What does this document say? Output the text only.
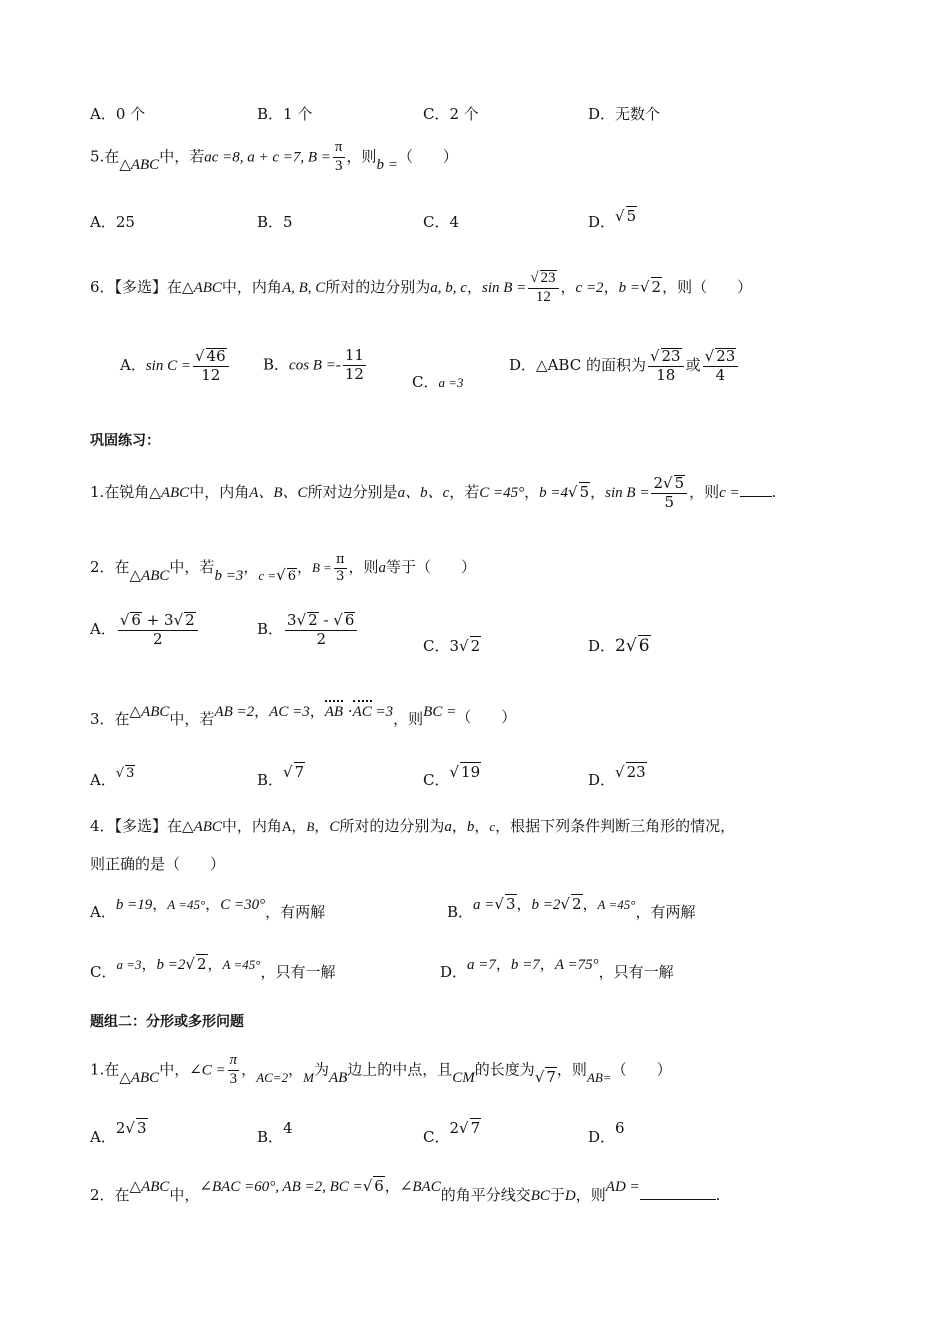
A．0 个	B．1 个	C．2 个	D．无数个
5.在△ABC中，若ac =8, a + c =7, $B = \frac{\pi}{3}$ ，则b =（　　）
A．25	B．5	C．4	D．√ 5
6．【多选】在△ABC中，内角A, B, C所对的边分别为a, b, c，$\sin B = \frac{√ 23}{12}$ ，c =2，b =√ 2，则（　　）
A．$\sin C = \frac{√ 46}{12}$ B．$\cos B =- \frac{11}{12}$	C．a =3
D．△ABC 的面积为 $\frac{√ 23}{18}$ 或 $\frac{√ 23}{4}$
巩固练习：
1.在锐角△ABC中，内角A、B、C所对边分别是a、b、c，若C =45°，b =4√ 5，$\sin B = \frac{2√ 5}{5}$ ，则c = .
2．在△ABC中，若b =3，c =√ 6，$B = \frac{\pi}{3}$ ，则a等于（　　）
A． $\frac{√ 6 + 3√ 2}{2}$	B． $\frac{3√ 2 - √ 6}{2}$	C．3√ 2	D．2√ 6
3．在△ABC中，若AB =2，AC =3，AB ·AC =3，则BC =（　　）
A．√ 3	B．√ 7	C．√ 19	D．√ 23
4．【多选】在△ABC中，内角A，B，C所对的边分别为a，b，c，根据下列条件判断三角形的情况，
则正确的是（　　）
A．b =19，A =45°，C =30°，有两解	B．a =√ 3，b =2√ 2，A =45°，有两解
C．a =3，b =2√ 2，A =45°，只有一解	D．a =7，b =7，A =75°，只有一解
题组二：分形或多形问题
1.在△ABC中，∠C = $\frac{\pi}{3}$ ，AC=2，M为AB边上的中点，且CM的长度为√ 7，则AB=（　　）
A．2√ 3	B．4	C．2√ 7	D．6
2．在△ABC中，∠BAC =60°, AB =2, BC =√ 6，∠BAC的角平分线交BC于D，则AD =	.
